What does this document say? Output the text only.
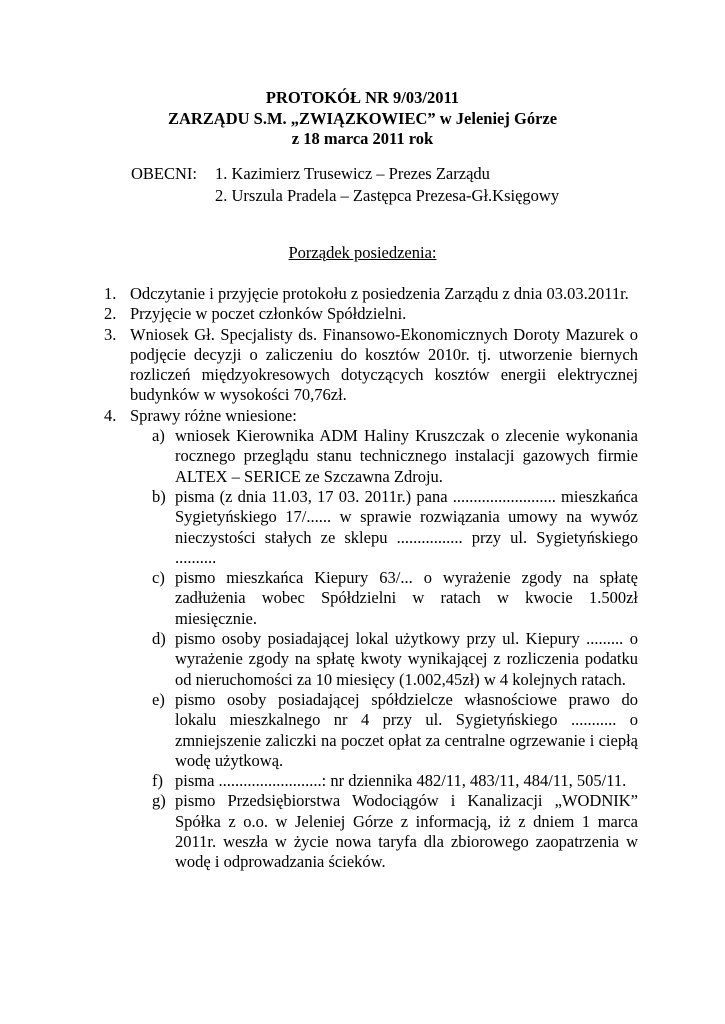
PROTOKÓŁ NR 9/03/2011
ZARZĄDU S.M. „ZWIĄZKOWIEC” w Jeleniej Górze
z 18 marca 2011 rok
OBECNI: 1. Kazimierz Trusewicz – Prezes Zarządu
2. Urszula Pradela – Zastępca Prezesa-Gł.Księgowy
Porządek posiedzenia:
1. Odczytanie i przyjęcie protokołu z posiedzenia Zarządu z dnia 03.03.2011r.
2. Przyjęcie w poczet członków Spółdzielni.
3. Wniosek Gł. Specjalisty ds. Finansowo-Ekonomicznych Doroty Mazurek o podjęcie decyzji o zaliczeniu do kosztów 2010r. tj. utworzenie biernych rozliczeń międzyokresowych dotyczących kosztów energii elektrycznej budynków w wysokości 70,76zł.
4. Sprawy różne wniesione:
a) wniosek Kierownika ADM Haliny Kruszczak o zlecenie wykonania rocznego przeglądu stanu technicznego instalacji gazowych firmie ALTEX – SERICE ze Szczawna Zdroju.
b) pisma (z dnia 11.03, 17 03. 2011r.) pana ......................... mieszkańca Sygietyńskiego 17/...... w sprawie rozwiązania umowy na wywóz nieczystości stałych ze sklepu ................ przy ul. Sygietyńskiego ..........
c) pismo mieszkańca Kiepury 63/... o wyrażenie zgody na spłatę zadłużenia wobec Spółdzielni w ratach w kwocie 1.500zł miesięcznie.
d) pismo osoby posiadającej lokal użytkowy przy ul. Kiepury ......... o wyrażenie zgody na spłatę kwoty wynikającej z rozliczenia podatku od nieruchomości za 10 miesięcy (1.002,45zł) w 4 kolejnych ratach.
e) pismo osoby posiadającej spółdzielcze własnościowe prawo do lokalu mieszkalnego nr 4 przy ul. Sygietyńskiego ........... o zmniejszenie zaliczki na poczet opłat za centralne ogrzewanie i ciepłą wodę użytkową.
f) pisma .........................: nr dziennika 482/11, 483/11, 484/11, 505/11.
g) pismo Przedsiębiorstwa Wodociągów i Kanalizacji „WODNIK” Spółka z o.o. w Jeleniej Górze z informacją, iż z dniem 1 marca 2011r. weszła w życie nowa taryfa dla zbiorowego zaopatrzenia w wodę i odprowadzania ścieków.
